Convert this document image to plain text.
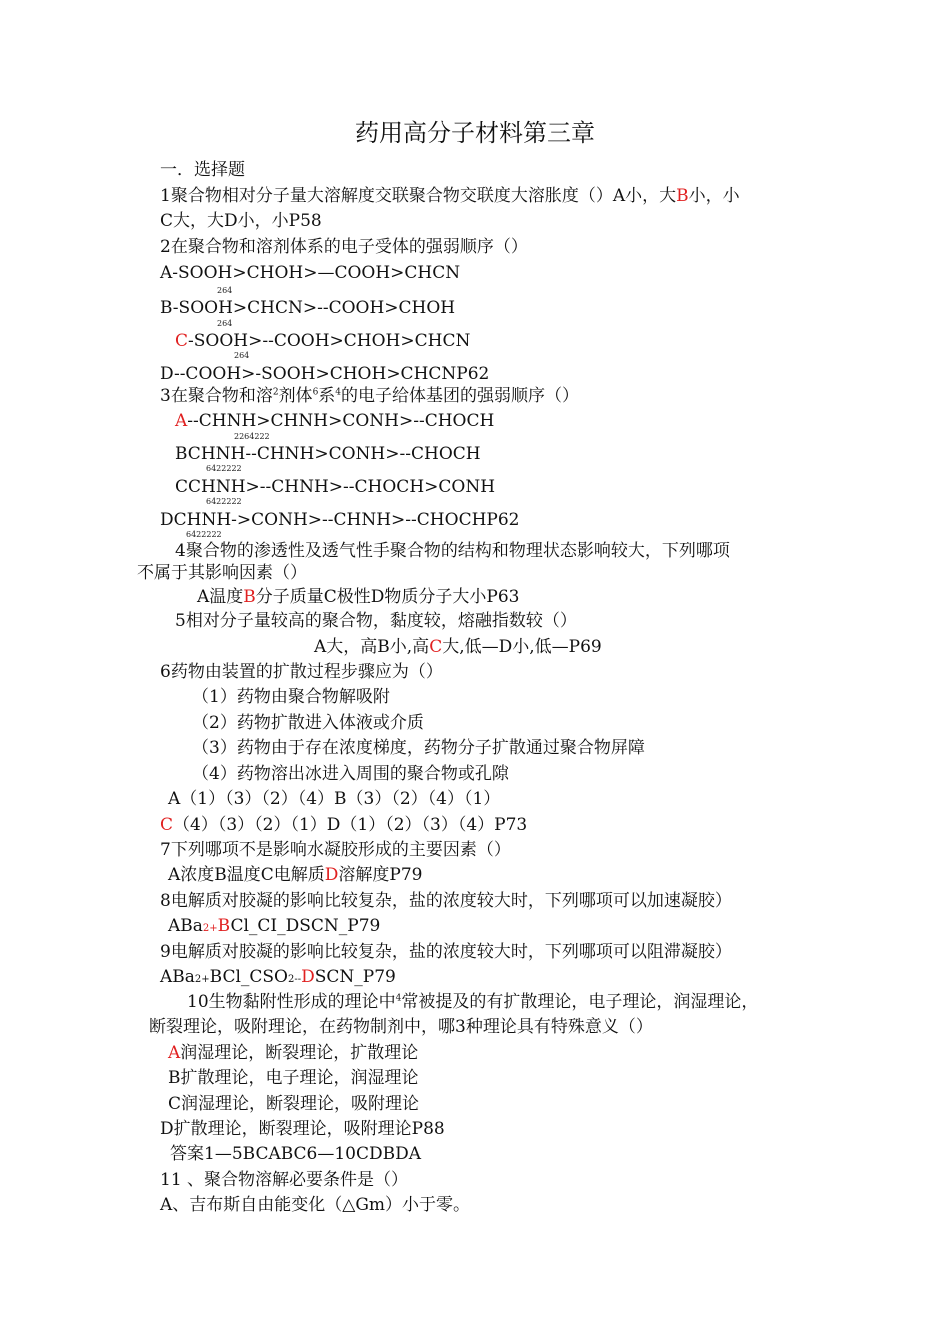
药用高分子材料第三章
一．选择题
1聚合物相对分子量大溶解度交联聚合物交联度大溶胀度（）A小，大B小，小
C大，大D小，小P58
2在聚合物和溶剂体系的电子受体的强弱顺序（）
A-SOOH>CHOH>—COOH>CHCN
264
B-SOOH>CHCN>--COOH>CHOH
264
C-SOOH>--COOH>CHOH>CHCN
264
D--COOH>-SOOH>CHOH>CHCNP62
3在聚合物和溶$^2$剂体$^6$系$^4$的电子给体基团的强弱顺序（）
A--CHNH>CHNH>CONH>--CHOCH
2264222
BCHNH--CHNH>CONH>--CHOCH
6422222
CCHNH>--CHNH>--CHOCH>CONH
6422222
DCHNH->CONH>--CHNH>--CHOCHP62
6422222
4聚合物的渗透性及透气性手聚合物的结构和物理状态影响较大，下列哪项
不属于其影响因素（）
A温度B分子质量C极性D物质分子大小P63
5相对分子量较高的聚合物，黏度较，熔融指数较（）
A大，高B小,高C大,低—D小,低—P69
6药物由装置的扩散过程步骤应为（）
（1）药物由聚合物解吸附
（2）药物扩散进入体液或介质
（3）药物由于存在浓度梯度，药物分子扩散通过聚合物屏障
（4）药物溶出冰进入周围的聚合物或孔隙
A（1）（3）（2）（4）B（3）（2）（4）（1）
C（4）（3）（2）（1）D（1）（2）（3）（4）P73
7下列哪项不是影响水凝胶形成的主要因素（）
A浓度B温度C电解质D溶解度P79
8电解质对胶凝的影响比较复杂，盐的浓度较大时，下列哪项可以加速凝胶）
ABa2+BCl_CI_DSCN_P79
9电解质对胶凝的影响比较复杂，盐的浓度较大时，下列哪项可以阻滞凝胶）
ABa2+BCl_CSO2--DSCN_P79
10生物黏附性形成的理论中$^4$常被提及的有扩散理论，电子理论，润湿理论，
断裂理论，吸附理论，在药物制剂中，哪3种理论具有特殊意义（）
A润湿理论，断裂理论，扩散理论
B扩散理论，电子理论，润湿理论
C润湿理论，断裂理论，吸附理论
D扩散理论，断裂理论，吸附理论P88
答案1—5BCABC6—10CDBDA
11 、聚合物溶解必要条件是（）
A、吉布斯自由能变化（△Gm）小于零。
